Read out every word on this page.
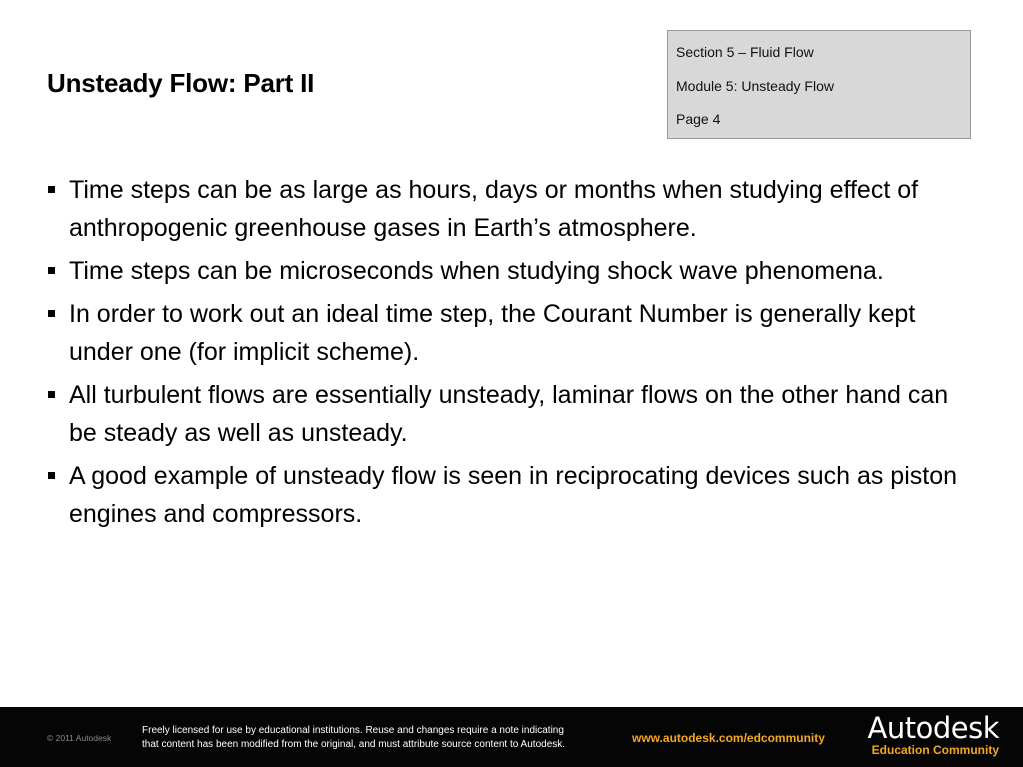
Unsteady Flow: Part II
Section 5 – Fluid Flow
Module 5: Unsteady Flow
Page 4
Time steps can be as large as hours, days or months when studying effect of anthropogenic greenhouse gases in Earth’s atmosphere.
Time steps can be microseconds when studying shock wave phenomena.
In order to work out an ideal time step, the Courant Number is generally kept under one (for implicit scheme).
All turbulent flows are essentially unsteady, laminar flows on the other hand can be steady as well as unsteady.
A good example of unsteady flow is seen in reciprocating devices such as piston engines and compressors.
© 2011 Autodesk
Freely licensed for use by educational institutions. Reuse and changes require a note indicating
that content has been modified from the original, and must attribute source content to Autodesk.	www.autodesk.com/edcommunity	Autodesk
Education Community
